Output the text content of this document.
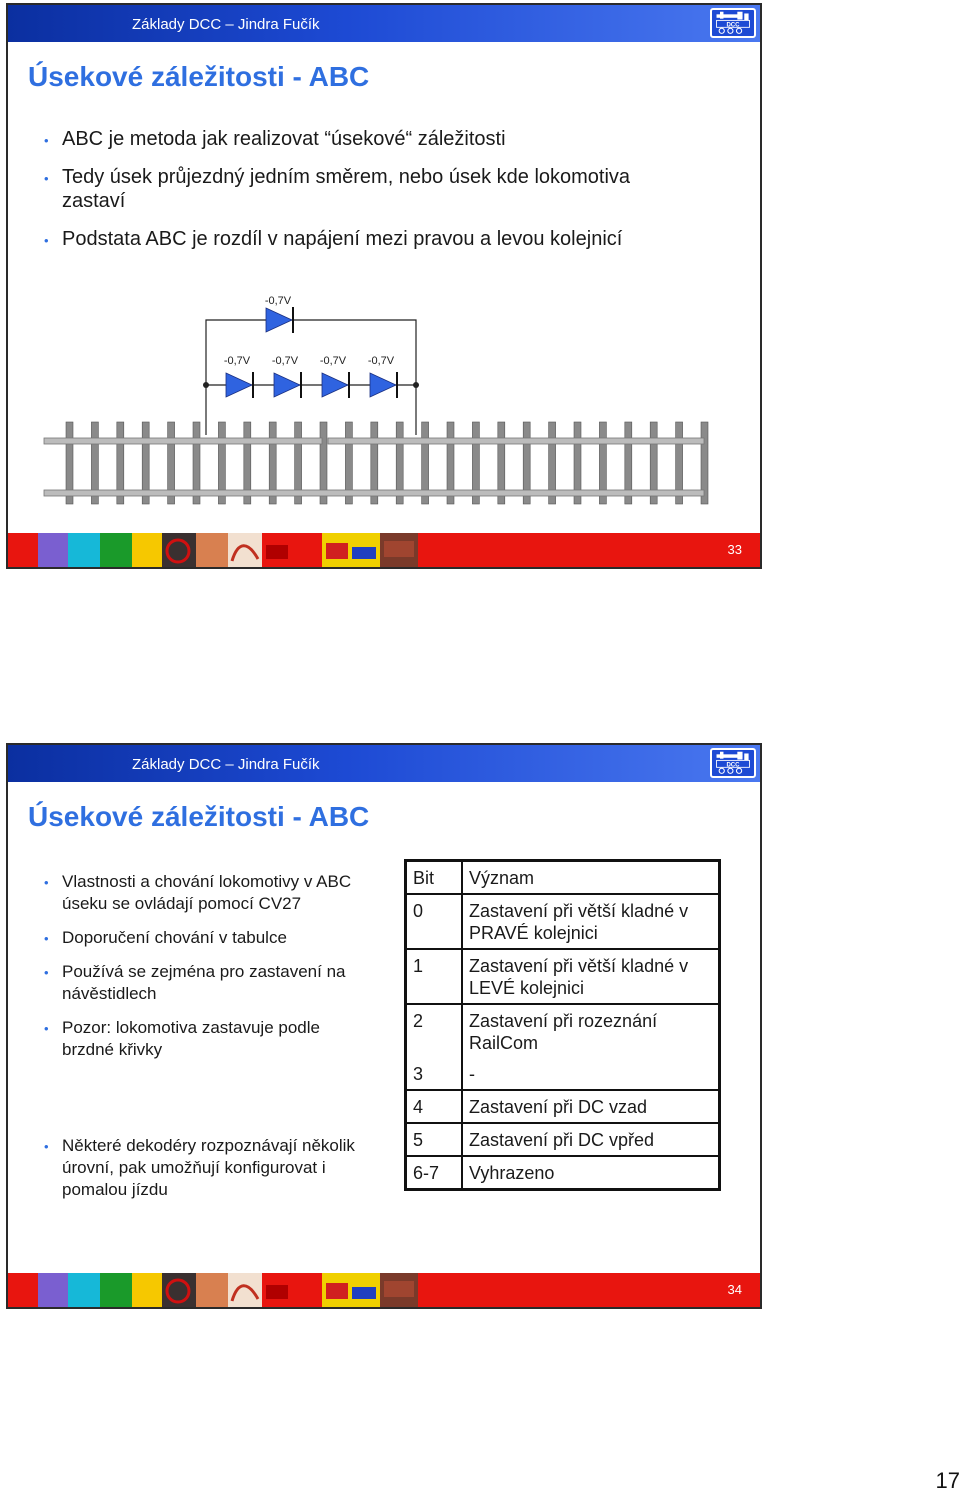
Základy DCC – Jindra Fučík	DCC
Úsekové záležitosti - ABC
• ABC je metoda jak realizovat “úsekové“ záležitosti
• Tedy úsek průjezdný jedním směrem, nebo úsek kde lokomotiva zastaví
• Podstata ABC je rozdíl v napájení mezi pravou a levou kolejnicí
-0,7V
-0,7V -0,7V -0,7V -0,7V
33
Základy DCC – Jindra Fučík	DCC
Úsekové záležitosti - ABC
• Vlastnosti a chování lokomotivy v ABC úseku se ovládají pomocí CV27
• Doporučení chování v tabulce
• Používá se zejména pro zastavení na návěstidlech
• Pozor: lokomotiva zastavuje podle brzdné křivky
• Některé dekodéry rozpoznávají několik úrovní, pak umožňují konfigurovat i pomalou jízdu
Bit	Význam
0	Zastavení při větší kladné v PRAVÉ kolejnici
1	Zastavení při větší kladné v LEVÉ kolejnici
2	Zastavení při rozeznání RailCom
3	-
4	Zastavení při DC vzad
5	Zastavení při DC vpřed
6-7	Vyhrazeno
34
17
